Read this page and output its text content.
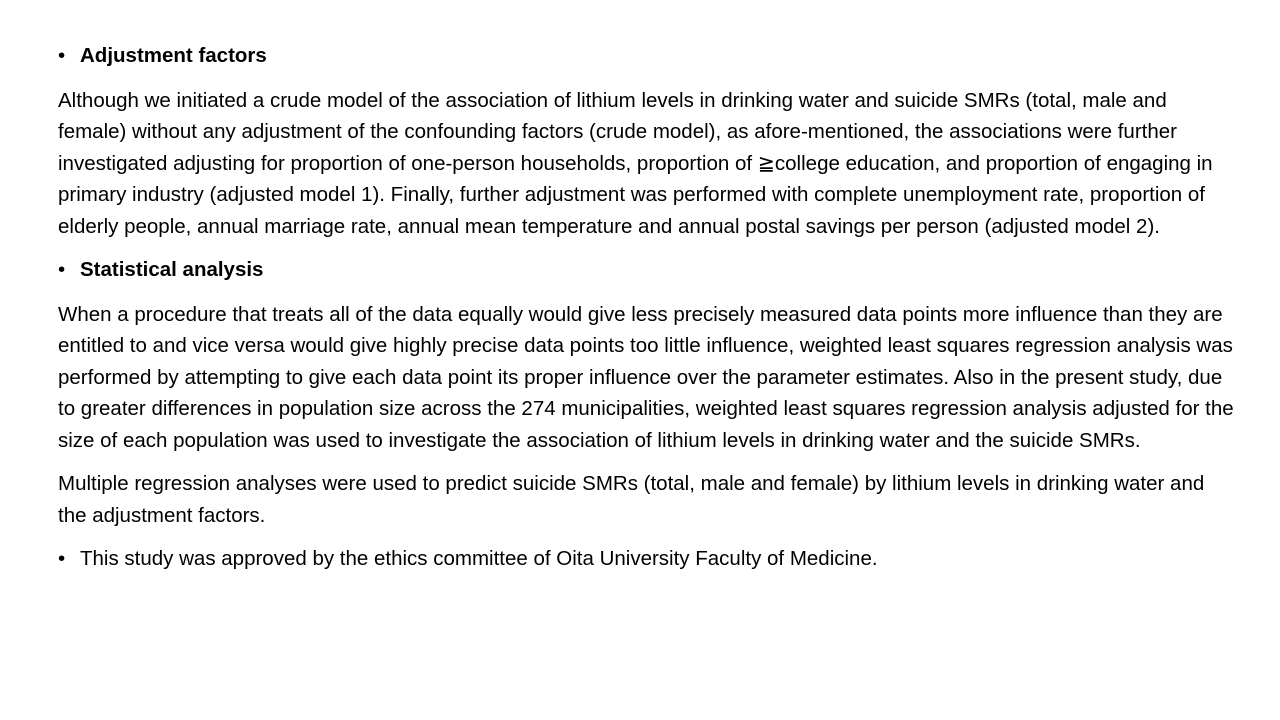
• Adjustment factors

Although we initiated a crude model of the association of lithium levels in drinking water and suicide SMRs (total, male and female) without any adjustment of the confounding factors (crude model), as afore-mentioned, the associations were further investigated adjusting for proportion of one-person households, proportion of ≧college education, and proportion of engaging in primary industry (adjusted model 1). Finally, further adjustment was performed with complete unemployment rate, proportion of elderly people, annual marriage rate, annual mean temperature and annual postal savings per person (adjusted model 2).

• Statistical analysis

When a procedure that treats all of the data equally would give less precisely measured data points more influence than they are entitled to and vice versa would give highly precise data points too little influence, weighted least squares regression analysis was performed by attempting to give each data point its proper influence over the parameter estimates. Also in the present study, due to greater differences in population size across the 274 municipalities, weighted least squares regression analysis adjusted for the size of each population was used to investigate the association of lithium levels in drinking water and the suicide SMRs.

Multiple regression analyses were used to predict suicide SMRs (total, male and female) by lithium levels in drinking water and the adjustment factors.

• This study was approved by the ethics committee of Oita University Faculty of Medicine.
